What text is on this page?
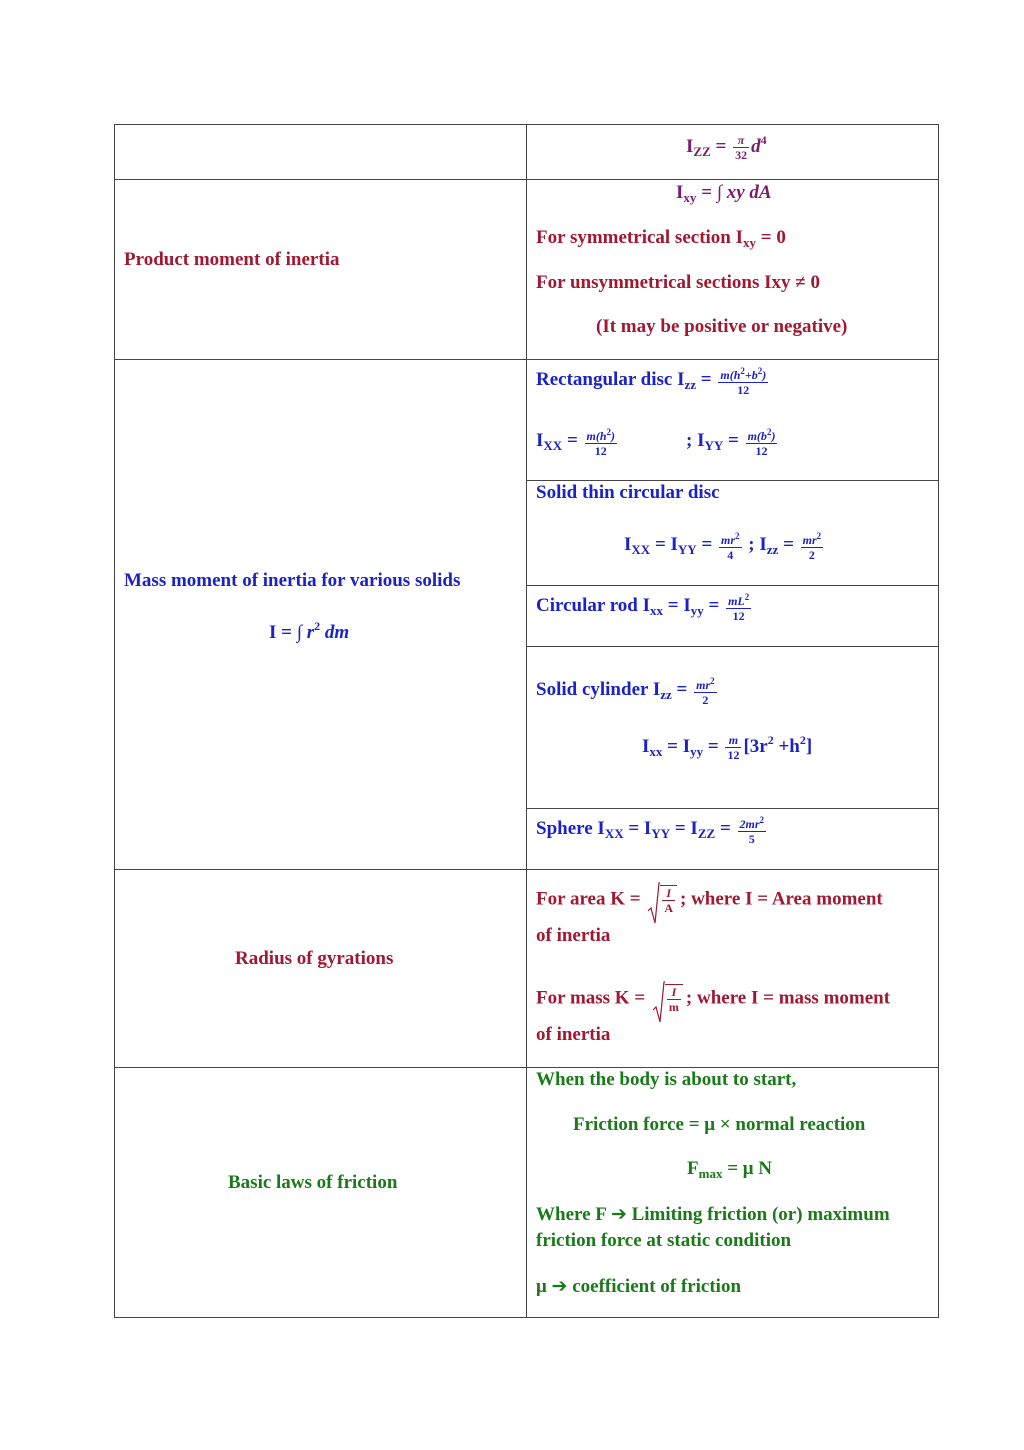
$I_{ZZ} = \frac{\pi}{32} d^4$
Product moment of inertia
$I_{xy}$ = ∫ xy dA
For symmetrical section $I_{xy} = 0$
For unsymmetrical sections Ixy ≠ 0
(It may be positive or negative)
Mass moment of inertia for various solids
I = ∫ $r^2$ dm
Rectangular disc $I_{zz} = \frac{m(h^2+b^2)}{12}$
$I_{XX} = \frac{m(h^2)}{12}$	; $I_{YY} = \frac{m(b^2)}{12}$
Solid thin circular disc
$I_{XX} = I_{YY} = \frac{mr^2}{4}$ ; $I_{zz} = \frac{mr^2}{2}$
Circular rod $I_{xx} = I_{yy} = \frac{mL^2}{12}$
Solid cylinder $I_{zz} = \frac{mr^2}{2}$
$I_{xx} = I_{yy} = \frac{m}{12} [3r^2 +h^2]$
Sphere $I_{XX} = I_{YY} = I_{ZZ} = \frac{2mr^2}{5}$
Radius of gyrations
For area $K = \frac{I}{A}$ ; where I = Area moment
of inertia
For mass $K = \frac{I}{m}$ ; where I = mass moment
of inertia
Basic laws of friction
When the body is about to start,
Friction force = μ × normal reaction
$F_{max} = \mu$ N
Where F ➔ Limiting friction (or) maximum
friction force at static condition
μ ➔ coefficient of friction
